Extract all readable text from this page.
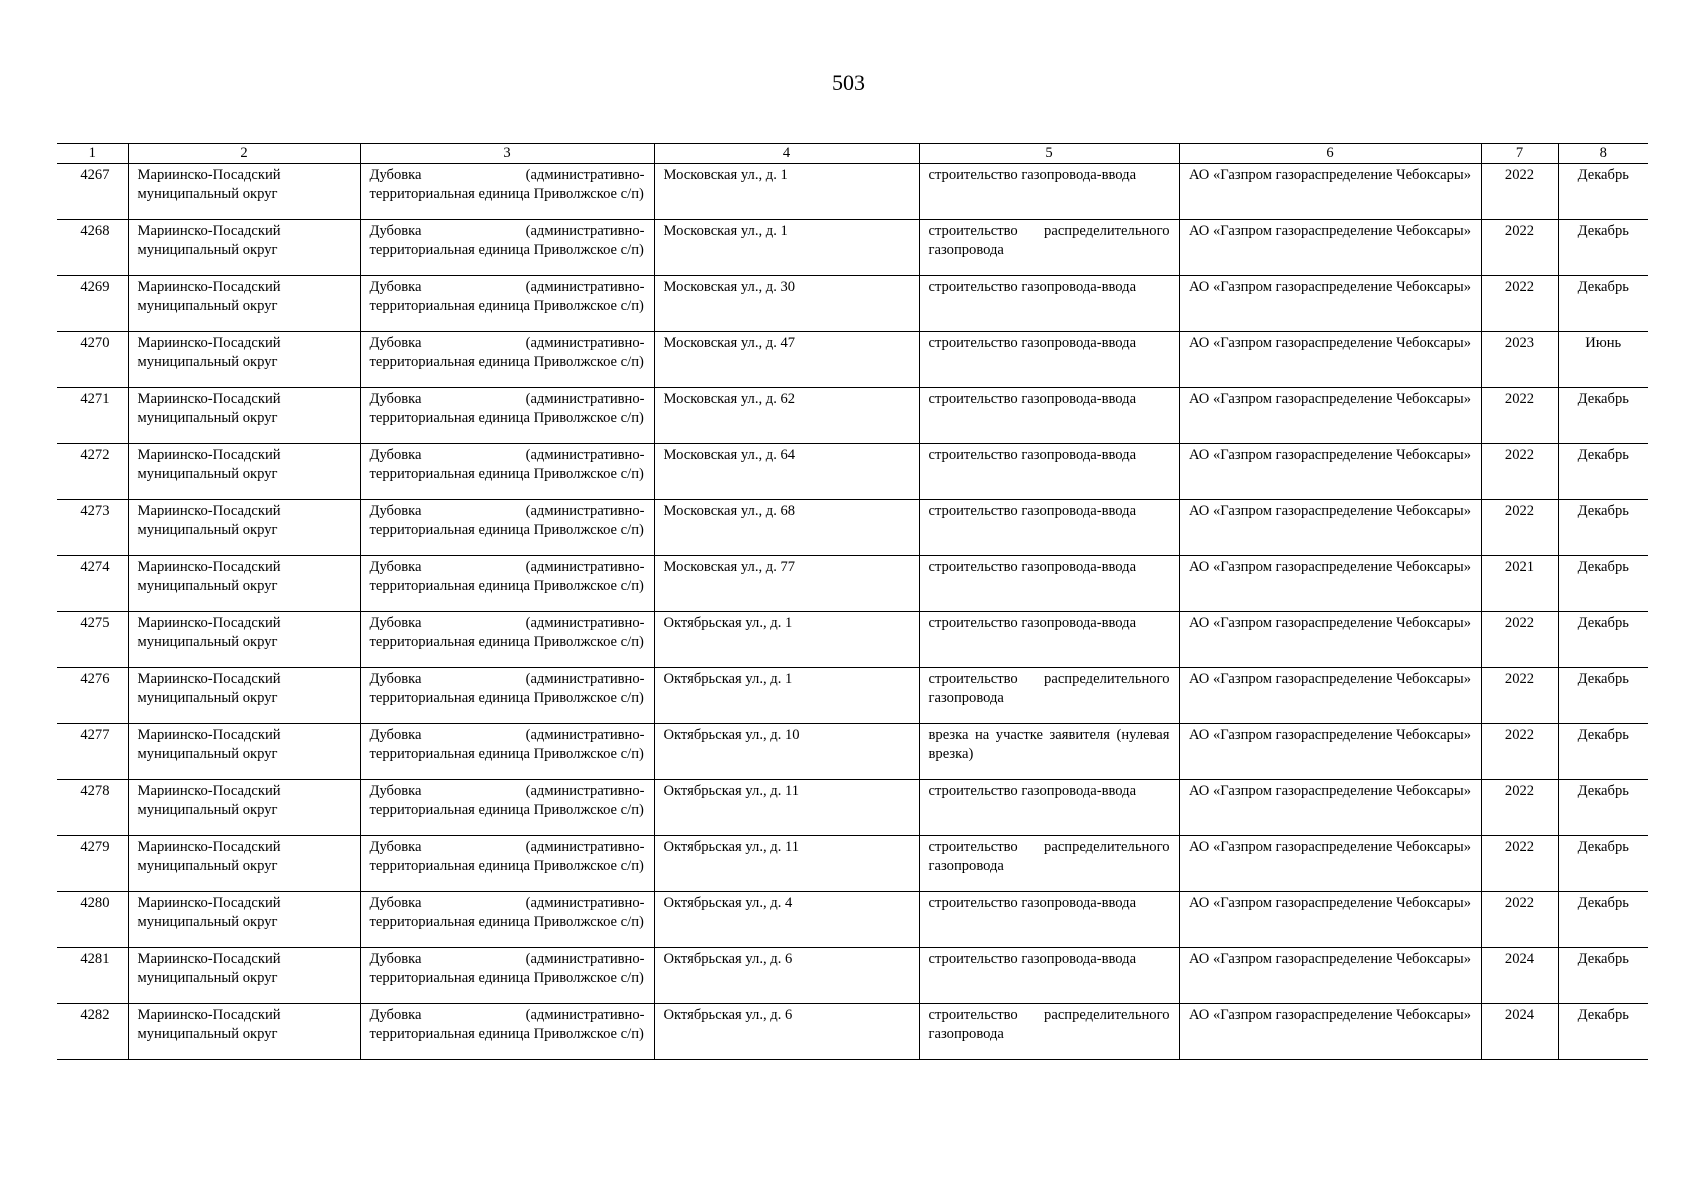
503
1	2	3	4	5	6	7	8
4267	Мариинско-Посадский муниципальный округ	Дубовка (административно-территориальная единица Приволжское с/п)	Московская ул., д. 1	строительство газопровода-ввода	АО «Газпром газораспределение Чебоксары»	2022	Декабрь
4268	Мариинско-Посадский муниципальный округ	Дубовка (административно-территориальная единица Приволжское с/п)	Московская ул., д. 1	строительство распределительного газопровода	АО «Газпром газораспределение Чебоксары»	2022	Декабрь
4269	Мариинско-Посадский муниципальный округ	Дубовка (административно-территориальная единица Приволжское с/п)	Московская ул., д. 30	строительство газопровода-ввода	АО «Газпром газораспределение Чебоксары»	2022	Декабрь
4270	Мариинско-Посадский муниципальный округ	Дубовка (административно-территориальная единица Приволжское с/п)	Московская ул., д. 47	строительство газопровода-ввода	АО «Газпром газораспределение Чебоксары»	2023	Июнь
4271	Мариинско-Посадский муниципальный округ	Дубовка (административно-территориальная единица Приволжское с/п)	Московская ул., д. 62	строительство газопровода-ввода	АО «Газпром газораспределение Чебоксары»	2022	Декабрь
4272	Мариинско-Посадский муниципальный округ	Дубовка (административно-территориальная единица Приволжское с/п)	Московская ул., д. 64	строительство газопровода-ввода	АО «Газпром газораспределение Чебоксары»	2022	Декабрь
4273	Мариинско-Посадский муниципальный округ	Дубовка (административно-территориальная единица Приволжское с/п)	Московская ул., д. 68	строительство газопровода-ввода	АО «Газпром газораспределение Чебоксары»	2022	Декабрь
4274	Мариинско-Посадский муниципальный округ	Дубовка (административно-территориальная единица Приволжское с/п)	Московская ул., д. 77	строительство газопровода-ввода	АО «Газпром газораспределение Чебоксары»	2021	Декабрь
4275	Мариинско-Посадский муниципальный округ	Дубовка (административно-территориальная единица Приволжское с/п)	Октябрьская ул., д. 1	строительство газопровода-ввода	АО «Газпром газораспределение Чебоксары»	2022	Декабрь
4276	Мариинско-Посадский муниципальный округ	Дубовка (административно-территориальная единица Приволжское с/п)	Октябрьская ул., д. 1	строительство распределительного газопровода	АО «Газпром газораспределение Чебоксары»	2022	Декабрь
4277	Мариинско-Посадский муниципальный округ	Дубовка (административно-территориальная единица Приволжское с/п)	Октябрьская ул., д. 10	врезка на участке заявителя (нулевая врезка)	АО «Газпром газораспределение Чебоксары»	2022	Декабрь
4278	Мариинско-Посадский муниципальный округ	Дубовка (административно-территориальная единица Приволжское с/п)	Октябрьская ул., д. 11	строительство газопровода-ввода	АО «Газпром газораспределение Чебоксары»	2022	Декабрь
4279	Мариинско-Посадский муниципальный округ	Дубовка (административно-территориальная единица Приволжское с/п)	Октябрьская ул., д. 11	строительство распределительного газопровода	АО «Газпром газораспределение Чебоксары»	2022	Декабрь
4280	Мариинско-Посадский муниципальный округ	Дубовка (административно-территориальная единица Приволжское с/п)	Октябрьская ул., д. 4	строительство газопровода-ввода	АО «Газпром газораспределение Чебоксары»	2022	Декабрь
4281	Мариинско-Посадский муниципальный округ	Дубовка (административно-территориальная единица Приволжское с/п)	Октябрьская ул., д. 6	строительство газопровода-ввода	АО «Газпром газораспределение Чебоксары»	2024	Декабрь
4282	Мариинско-Посадский муниципальный округ	Дубовка (административно-территориальная единица Приволжское с/п)	Октябрьская ул., д. 6	строительство распределительного газопровода	АО «Газпром газораспределение Чебоксары»	2024	Декабрь
